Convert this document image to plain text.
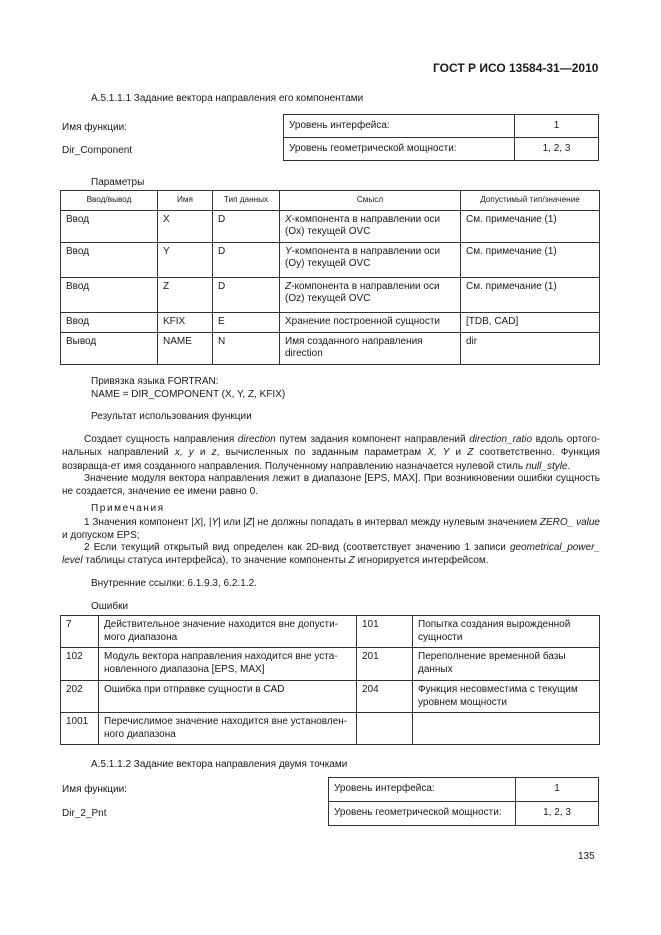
ГОСТ Р ИСО 13584-31—2010
А.5.1.1.1 Задание вектора направления его компонентами
Имя функции:
Dir_Component
Уровень интерфейса:	1
Уровень геометрической мощности:	1, 2, 3
Параметры
Ввод/вывод	Имя	Тип данных	Смысл	Допустимый тип/значение
Ввод	X	D	X-компонента в направлении оси (Ox) текущей OVC	См. примечание (1)
Ввод	Y	D	Y-компонента в направлении оси (Oy) текущей OVC	См. примечание (1)
Ввод	Z	D	Z-компонента в направлении оси (Oz) текущей OVC	См. примечание (1)
Ввод	KFIX	E	Хранение построенной сущности	[TDB, CAD]
Вывод	NAME	N	Имя созданного направления direction	dir
Привязка языка FORTRAN:
NAME = DIR_COMPONENT (X, Y, Z, KFIX)
Результат использования функции
Создает сущность направления direction путем задания компонент направлений direction_ratio вдоль ортого-нальных направлений x, y и z, вычисленных по заданным параметрам X, Y и Z соответственно. Функция возвраща-ет имя созданного направления. Полученному направлению назначается нулевой стиль null_style.
Значение модуля вектора направления лежит в диапазоне [EPS, MAX]. При возникновении ошибки сущность не создается, значение ее имени равно 0.
Примечания
1 Значения компонент |X|, |Y| или |Z| не должны попадать в интервал между нулевым значением ZERO_ value и допуском EPS;
2 Если текущий открытый вид определен как 2D-вид (соответствует значению 1 записи geometrical_power_ level таблицы статуса интерфейса), то значение компоненты Z игнорируется интерфейсом.
Внутренние ссылки: 6.1.9.3, 6.2.1.2.
Ошибки
7	Действительное значение находится вне допусти-мого диапазона	101	Попытка создания вырожденной сущности
102	Модуль вектора направления находится вне уста-новленного диапазона [EPS, MAX]	201	Переполнение временной базы данных
202	Ошибка при отправке сущности в CAD	204	Функция несовместима с текущим уровнем мощности
1001	Перечислимое значение находится вне установлен-ного диапазона		
А.5.1.1.2 Задание вектора направления двумя точками
Имя функции:
Dir_2_Pnt
Уровень интерфейса:	1
Уровень геометрической мощности:	1, 2, 3
135
